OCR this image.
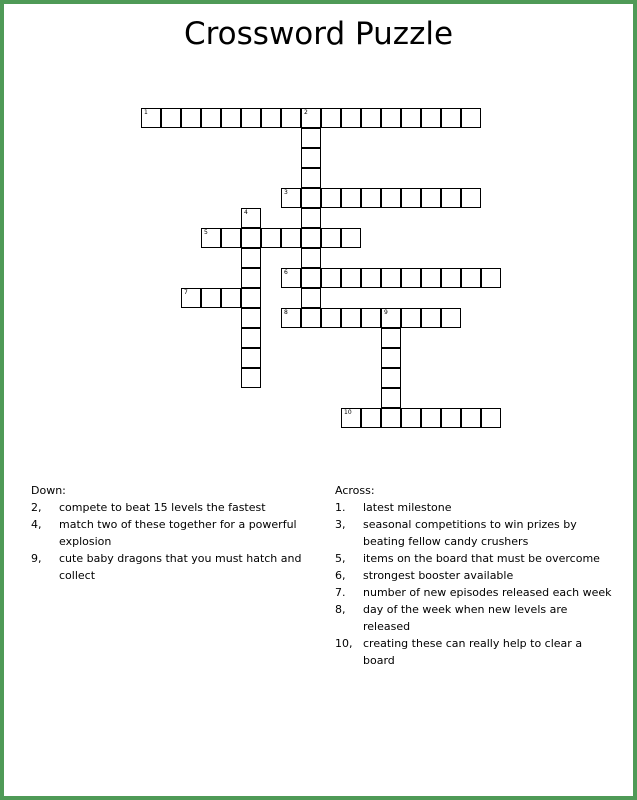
Crossword Puzzle
1	2
3
4
5
6
7
8	9
10
Down:
2,	compete to beat 15 levels the fastest
4,	match two of these together for a powerful explosion
9,	cute baby dragons that you must hatch and collect
Across:
1.	latest milestone
3,	seasonal competitions to win prizes by beating fellow candy crushers
5,	items on the board that must be overcome
6,	strongest booster available
7.	number of new episodes released each week
8,	day of the week when new levels are released
10, creating these can really help to clear a board
